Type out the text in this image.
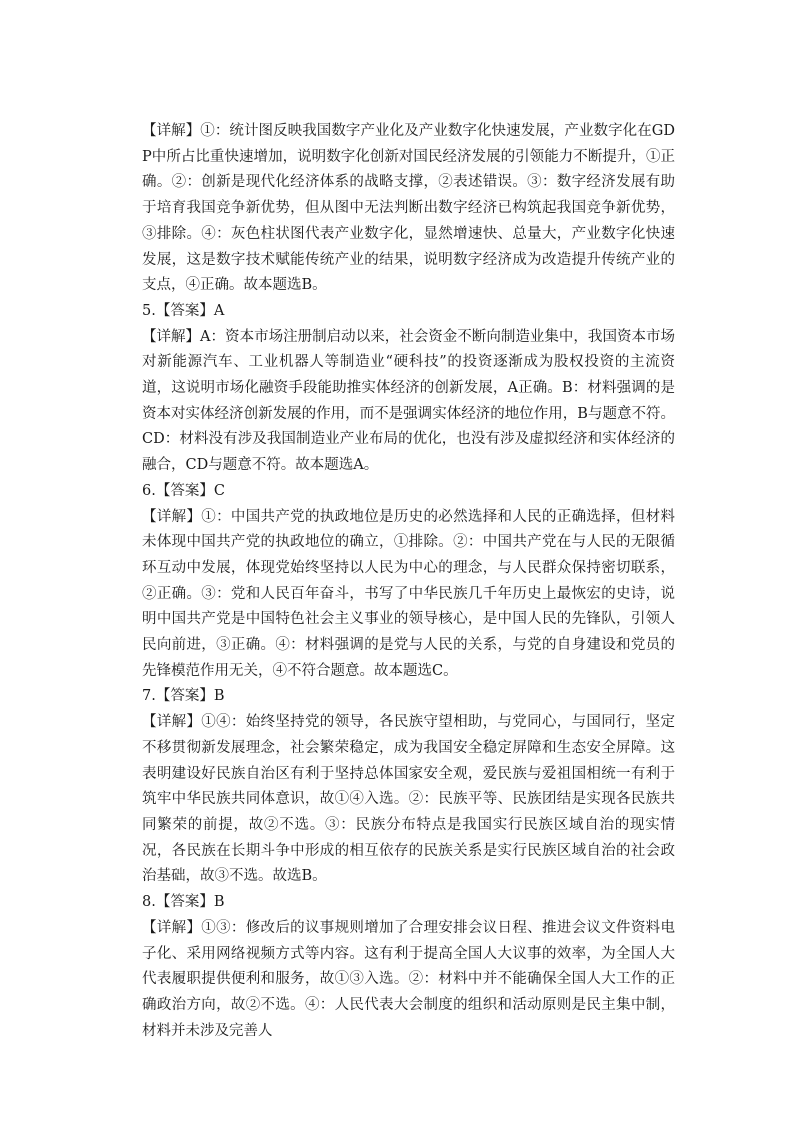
【详解】①：统计图反映我国数字产业化及产业数字化快速发展，产业数字化在GDP中所占比重快速增加，说明数字化创新对国民经济发展的引领能力不断提升，①正确。②：创新是现代化经济体系的战略支撑，②表述错误。③：数字经济发展有助于培育我国竞争新优势，但从图中无法判断出数字经济已构筑起我国竞争新优势，③排除。④：灰色柱状图代表产业数字化，显然增速快、总量大，产业数字化快速发展，这是数字技术赋能传统产业的结果，说明数字经济成为改造提升传统产业的支点，④正确。故本题选B。

5.【答案】A

【详解】A：资本市场注册制启动以来，社会资金不断向制造业集中，我国资本市场对新能源汽车、工业机器人等制造业“硬科技”的投资逐渐成为股权投资的主流资道，这说明市场化融资手段能助推实体经济的创新发展，A正确。B：材料强调的是资本对实体经济创新发展的作用，而不是强调实体经济的地位作用，B与题意不符。CD：材料没有涉及我国制造业产业布局的优化，也没有涉及虚拟经济和实体经济的融合，CD与题意不符。故本题选A。

6.【答案】C

【详解】①：中国共产党的执政地位是历史的必然选择和人民的正确选择，但材料未体现中国共产党的执政地位的确立，①排除。②：中国共产党在与人民的无限循环互动中发展，体现党始终坚持以人民为中心的理念，与人民群众保持密切联系，②正确。③：党和人民百年奋斗，书写了中华民族几千年历史上最恢宏的史诗，说明中国共产党是中国特色社会主义事业的领导核心，是中国人民的先锋队，引领人民向前进，③正确。④：材料强调的是党与人民的关系，与党的自身建设和党员的先锋模范作用无关，④不符合题意。故本题选C。

7.【答案】B

【详解】①④：始终坚持党的领导，各民族守望相助，与党同心，与国同行，坚定不移贯彻新发展理念，社会繁荣稳定，成为我国安全稳定屏障和生态安全屏障。这表明建设好民族自治区有利于坚持总体国家安全观，爱民族与爱祖国相统一有利于筑牢中华民族共同体意识，故①④入选。②：民族平等、民族团结是实现各民族共同繁荣的前提，故②不选。③：民族分布特点是我国实行民族区域自治的现实情况，各民族在长期斗争中形成的相互依存的民族关系是实行民族区域自治的社会政治基础，故③不选。故选B。

8.【答案】B

【详解】①③：修改后的议事规则增加了合理安排会议日程、推进会议文件资料电子化、采用网络视频方式等内容。这有利于提高全国人大议事的效率，为全国人大代表履职提供便利和服务，故①③入选。②：材料中并不能确保全国人大工作的正确政治方向，故②不选。④：人民代表大会制度的组织和活动原则是民主集中制，材料并未涉及完善人
